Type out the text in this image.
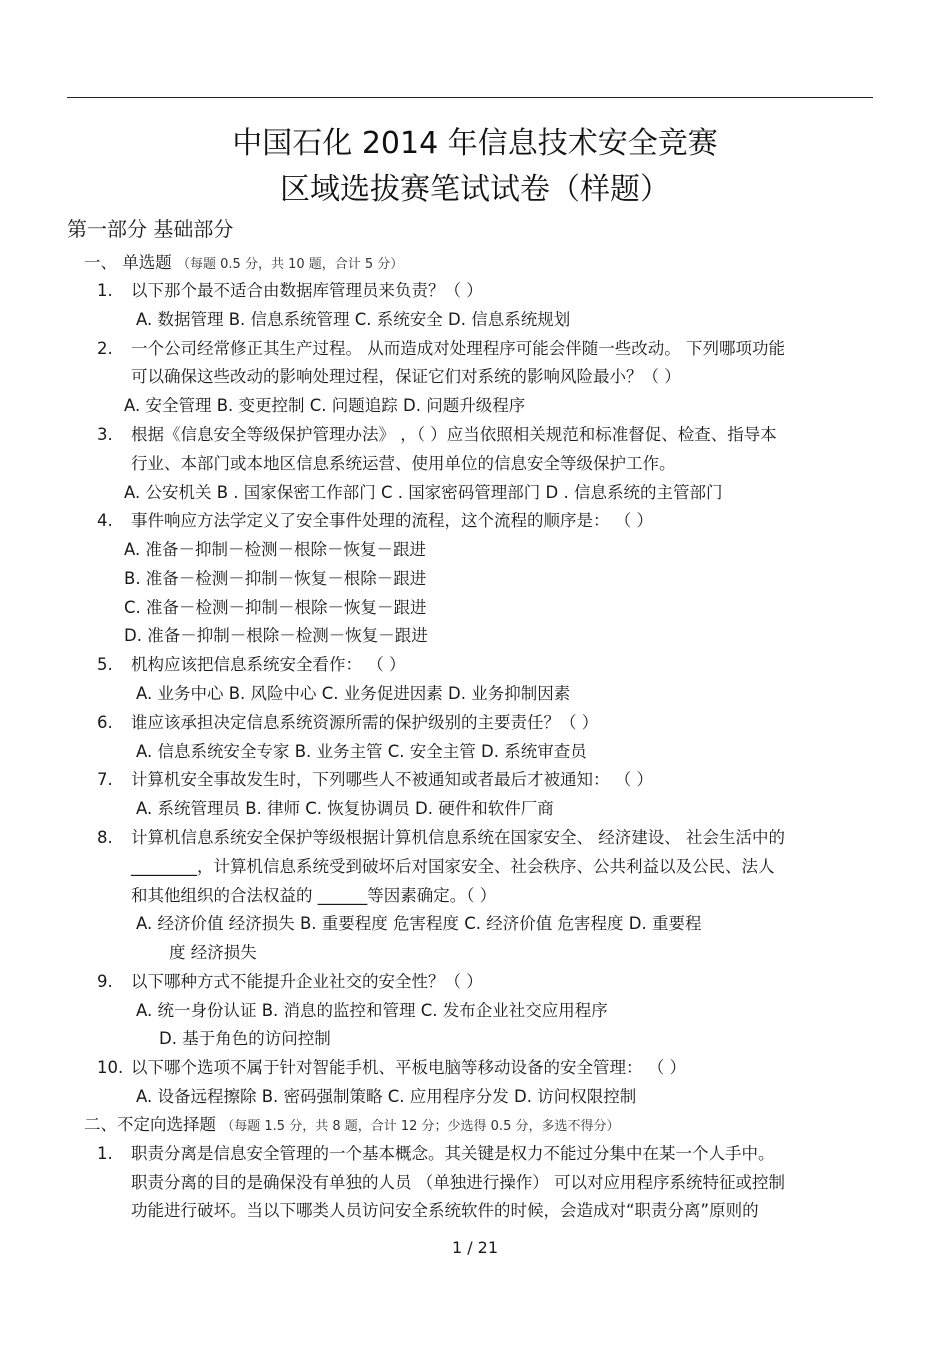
中国石化 2014 年信息技术安全竞赛
区域选拔赛笔试试卷（样题）
第一部分 基础部分
一、 单选题 （每题 0.5 分，共 10 题，合计 5 分）
1. 以下那个最不适合由数据库管理员来负责？（ ）
A. 数据管理 B. 信息系统管理 C. 系统安全 D. 信息系统规划
2. 一个公司经常修正其生产过程。 从而造成对处理程序可能会伴随一些改动。 下列哪项功能
可以确保这些改动的影响处理过程，保证它们对系统的影响风险最小？（ ）
A. 安全管理 B. 变更控制 C. 问题追踪 D. 问题升级程序
3. 根据《信息安全等级保护管理办法》 ，（ ）应当依照相关规范和标准督促、检查、指导本
行业、本部门或本地区信息系统运营、使用单位的信息安全等级保护工作。
A. 公安机关 B . 国家保密工作部门 C . 国家密码管理部门 D . 信息系统的主管部门
4. 事件响应方法学定义了安全事件处理的流程，这个流程的顺序是： （ ）
A. 准备－抑制－检测－根除－恢复－跟进
B. 准备－检测－抑制－恢复－根除－跟进
C. 准备－检测－抑制－根除－恢复－跟进
D. 准备－抑制－根除－检测－恢复－跟进
5. 机构应该把信息系统安全看作： （ ）
A. 业务中心 B. 风险中心 C. 业务促进因素 D. 业务抑制因素
6. 谁应该承担决定信息系统资源所需的保护级别的主要责任？（ ）
A. 信息系统安全专家 B. 业务主管 C. 安全主管 D. 系统审查员
7. 计算机安全事故发生时，下列哪些人不被通知或者最后才被通知： （ ）
A. 系统管理员 B. 律师 C. 恢复协调员 D. 硬件和软件厂商
8. 计算机信息系统安全保护等级根据计算机信息系统在国家安全、 经济建设、 社会生活中的
________，计算机信息系统受到破坏后对国家安全、社会秩序、公共利益以及公民、法人
和其他组织的合法权益的 ______等因素确定。（ ）
A. 经济价值 经济损失 B. 重要程度 危害程度 C. 经济价值 危害程度 D. 重要程
度 经济损失
9. 以下哪种方式不能提升企业社交的安全性？（ ）
A. 统一身份认证 B. 消息的监控和管理 C. 发布企业社交应用程序
D. 基于角色的访问控制
10. 以下哪个选项不属于针对智能手机、平板电脑等移动设备的安全管理： （ ）
A. 设备远程擦除 B. 密码强制策略 C. 应用程序分发 D. 访问权限控制
二、不定向选择题 （每题 1.5 分，共 8 题，合计 12 分；少选得 0.5 分，多选不得分）
1. 职责分离是信息安全管理的一个基本概念。其关键是权力不能过分集中在某一个人手中。
职责分离的目的是确保没有单独的人员 （单独进行操作） 可以对应用程序系统特征或控制
功能进行破坏。当以下哪类人员访问安全系统软件的时候，会造成对“职责分离”原则的
1 / 21
